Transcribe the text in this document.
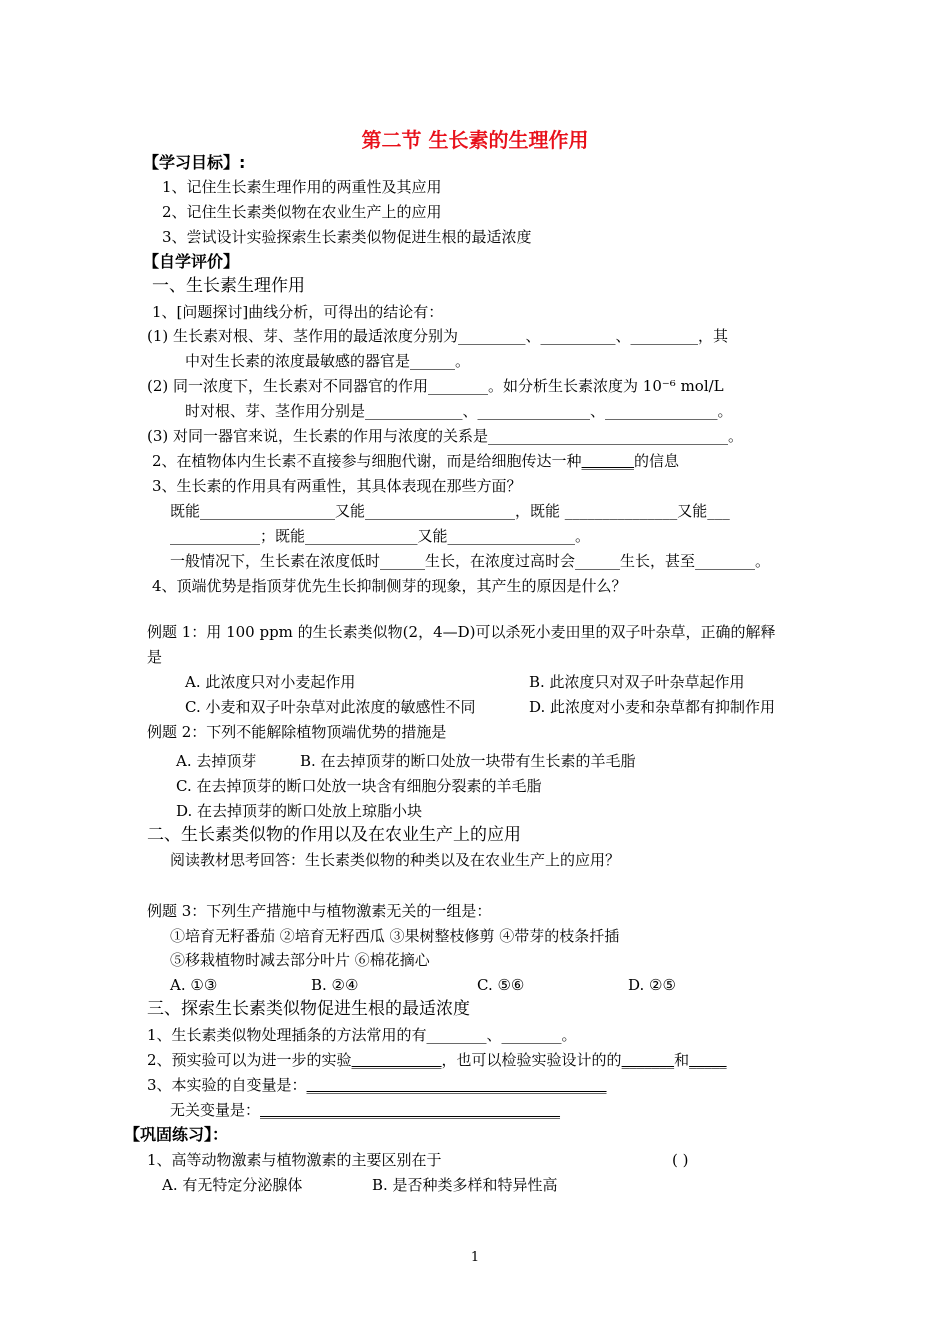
第二节 生长素的生理作用
【学习目标】:
1、记住生长素生理作用的两重性及其应用
2、记住生长素类似物在农业生产上的应用
3、尝试设计实验探索生长素类似物促进生根的最适浓度
【自学评价】
一、生长素生理作用
1、[问题探讨]曲线分析，可得出的结论有：
(1) 生长素对根、芽、茎作用的最适浓度分别为_________、__________、_________，其
中对生长素的浓度最敏感的器官是______。
(2) 同一浓度下，生长素对不同器官的作用________。如分析生长素浓度为 10⁻⁶ mol/L
时对根、芽、茎作用分别是_____________、_______________、_______________。
(3) 对同一器官来说，生长素的作用与浓度的关系是________________________________。
2、在植物体内生长素不直接参与细胞代谢，而是给细胞传达一种_______的信息
3、生长素的作用具有两重性，其具体表现在那些方面？
既能__________________又能____________________，既能 _______________又能___
____________；既能_______________又能_________________。
一般情况下，生长素在浓度低时______生长，在浓度过高时会______生长，甚至________。
4、顶端优势是指顶芽优先生长抑制侧芽的现象，其产生的原因是什么？
例题 1：用 100 ppm 的生长素类似物(2，4—D)可以杀死小麦田里的双子叶杂草，正确的解释
是
A. 此浓度只对小麦起作用	B. 此浓度只对双子叶杂草起作用
C. 小麦和双子叶杂草对此浓度的敏感性不同	D. 此浓度对小麦和杂草都有抑制作用
例题 2：下列不能解除植物顶端优势的措施是
A. 去掉顶芽	B. 在去掉顶芽的断口处放一块带有生长素的羊毛脂
C. 在去掉顶芽的断口处放一块含有细胞分裂素的羊毛脂
D. 在去掉顶芽的断口处放上琼脂小块
二、生长素类似物的作用以及在农业生产上的应用
阅读教材思考回答：生长素类似物的种类以及在农业生产上的应用？
例题 3：下列生产措施中与植物激素无关的一组是：
①培育无籽番茄 ②培育无籽西瓜 ③果树整枝修剪 ④带芽的枝条扦插
⑤移栽植物时减去部分叶片 ⑥棉花摘心
A. ①③	B. ②④	C. ⑤⑥	D. ②⑤
三、探索生长素类似物促进生根的最适浓度
1、生长素类似物处理插条的方法常用的有________、________。
2、预实验可以为进一步的实验____________，也可以检验实验设计的的_______和_____
3、本实验的自变量是：________________________________________
无关变量是：________________________________________
【巩固练习】：
1、高等动物激素与植物激素的主要区别在于	( )
A. 有无特定分泌腺体	B. 是否种类多样和特异性高
1
